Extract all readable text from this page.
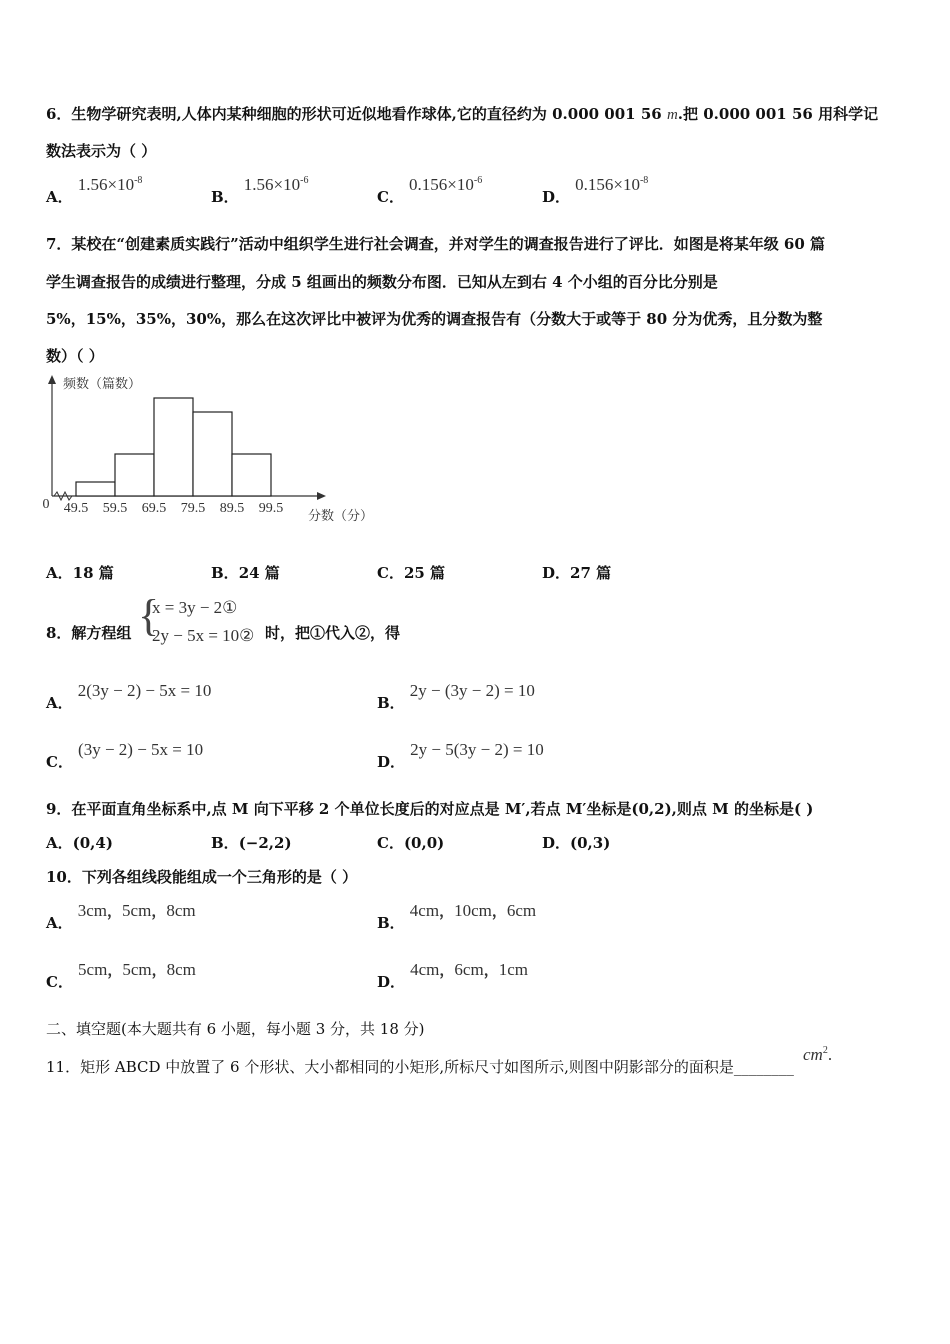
6．生物学研究表明,人体内某种细胞的形状可近似地看作球体,它的直径约为 0.000 001 56 m.把 0.000 001 56 用科学记
数法表示为（ ）
A． $1.56\times 10^{-8}$
B． $1.56\times 10^{-6}$
C． $0.156\times 10^{-6}$
D． $0.156\times 10^{-8}$
7．某校在“创建素质实践行”活动中组织学生进行社会调查，并对学生的调查报告进行了评比．如图是将某年级 60 篇
学生调查报告的成绩进行整理，分成 5 组画出的频数分布图．已知从左到右 4 个小组的百分比分别是
5%，15%，35%，30%，那么在这次评比中被评为优秀的调查报告有（分数大于或等于 80 分为优秀，且分数为整
数）（ ）
49.5 59.5 69.5 79.5 89.5 99.5
0
频数（篇数）
分数（分）
A．18 篇	B．24 篇	C．25 篇	D．27 篇
8．解方程组 {
x = 3y − 2①
2y − 5x = 10② 时，把①代入②，得
A． 2(3y − 2) − 5x = 10
B． 2y − (3y − 2) = 10
C． (3y − 2) − 5x = 10
D． 2y − 5(3y − 2) = 10
9．在平面直角坐标系中,点 M 向下平移 2 个单位长度后的对应点是 M′,若点 M′坐标是(0,2),则点 M 的坐标是( )
A．(0,4)	B．(−2,2)	C．(0,0)	D．(0,3)
10．下列各组线段能组成一个三角形的是（ ）
A． 3cm，5cm，8cm
B． 4cm，10cm，6cm
C． 5cm，5cm，8cm
D． 4cm，6cm，1cm
二、填空题(本大题共有 6 小题，每小题 3 分，共 18 分)
11．矩形 ABCD 中放置了 6 个形状、大小都相同的小矩形,所标尺寸如图所示,则图中阴影部分的面积是________ $cm^2$.
